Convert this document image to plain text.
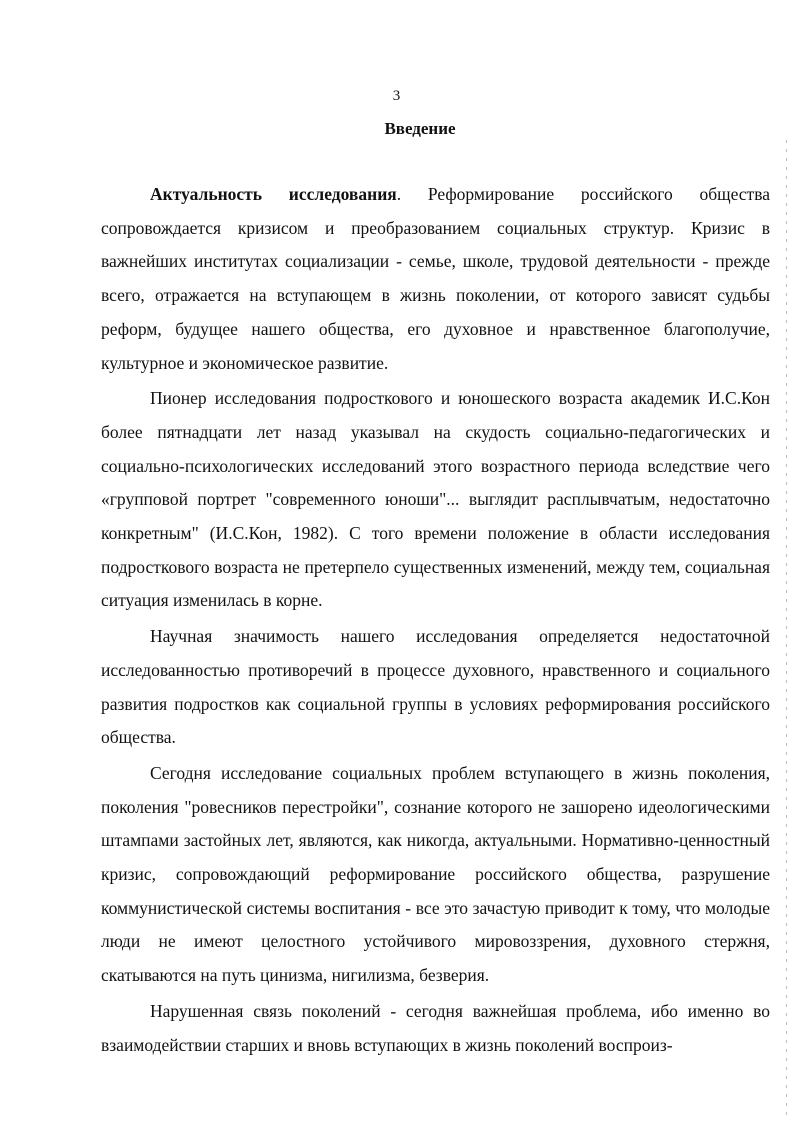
3
Введение

Актуальность исследования. Реформирование российского общества сопровождается кризисом и преобразованием социальных структур. Кризис в важнейших институтах социализации - семье, школе, трудовой деятельности - прежде всего, отражается на вступающем в жизнь поколении, от которого зависят судьбы реформ, будущее нашего общества, его духовное и нравственное благополучие, культурное и экономическое развитие.

Пионер исследования подросткового и юношеского возраста академик И.С.Кон более пятнадцати лет назад указывал на скудость социально-педагогических и социально-психологических исследований этого возрастного периода вследствие чего «групповой портрет "современного юноши"... выглядит расплывчатым, недостаточно конкретным" (И.С.Кон, 1982). С того времени положение в области исследования подросткового возраста не претерпело существенных изменений, между тем, социальная ситуация изменилась в корне.

Научная значимость нашего исследования определяется недостаточной исследованностью противоречий в процессе духовного, нравственного и социального развития подростков как социальной группы в условиях реформирования российского общества.

Сегодня исследование социальных проблем вступающего в жизнь поколения, поколения "ровесников перестройки", сознание которого не зашорено идеологическими штампами застойных лет, являются, как никогда, актуальными. Нормативно-ценностный кризис, сопровождающий реформирование российского общества, разрушение коммунистической системы воспитания - все это зачастую приводит к тому, что молодые люди не имеют целостного устойчивого мировоззрения, духовного стержня, скатываются на путь цинизма, нигилизма, безверия.

Нарушенная связь поколений - сегодня важнейшая проблема, ибо именно во взаимодействии старших и вновь вступающих в жизнь поколений воспроиз-
